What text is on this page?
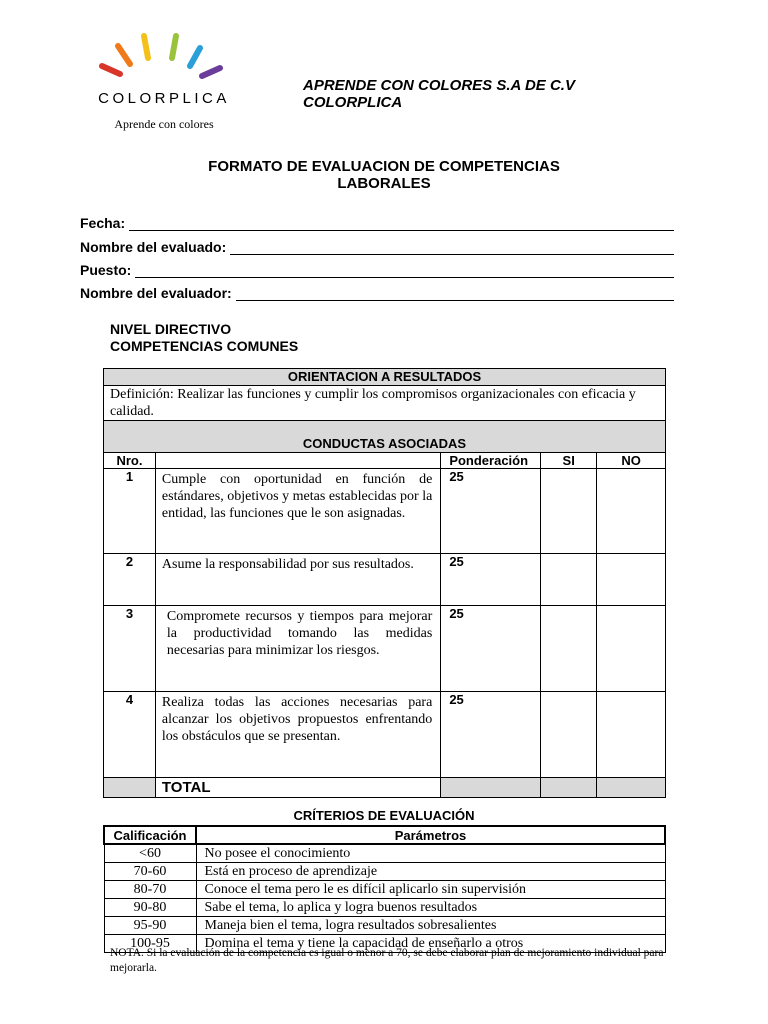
COLORPLICA
Aprende con colores
APRENDE CON COLORES S.A DE C.V
COLORPLICA
FORMATO DE EVALUACION DE COMPETENCIAS
LABORALES
Fecha:
Nombre del evaluado:
Puesto:
Nombre del evaluador:
NIVEL DIRECTIVO
COMPETENCIAS COMUNES
ORIENTACION A RESULTADOS				
Definición: Realizar las funciones y cumplir los compromisos organizacionales con eficacia y calidad.				
CONDUCTAS ASOCIADAS				
Nro.		Ponderación	SI	NO
1	Cumple con oportunidad en función de estándares, objetivos y metas establecidas por la entidad, las funciones que le son asignadas.	25		
2	Asume la responsabilidad por sus resultados.	25		
3	Compromete recursos y tiempos para mejorar la productividad tomando las medidas necesarias para minimizar los riesgos.	25		
4	Realiza todas las acciones necesarias para alcanzar los objetivos propuestos enfrentando los obstáculos que se presentan.	25		
	TOTAL			
CRÍTERIOS DE EVALUACIÓN
Calificación	Parámetros
<60	No posee el conocimiento
70-60	Está en proceso de aprendizaje
80-70	Conoce el tema pero le es difícil aplicarlo sin supervisión
90-80	Sabe el tema, lo aplica y logra buenos resultados
95-90	Maneja bien el tema, logra resultados sobresalientes
100-95	Domina el tema y tiene la capacidad de enseñarlo a otros
NOTA. Si la evaluación de la competencia es igual o menor a 70, se debe elaborar plan de mejoramiento individual para mejorarla.
